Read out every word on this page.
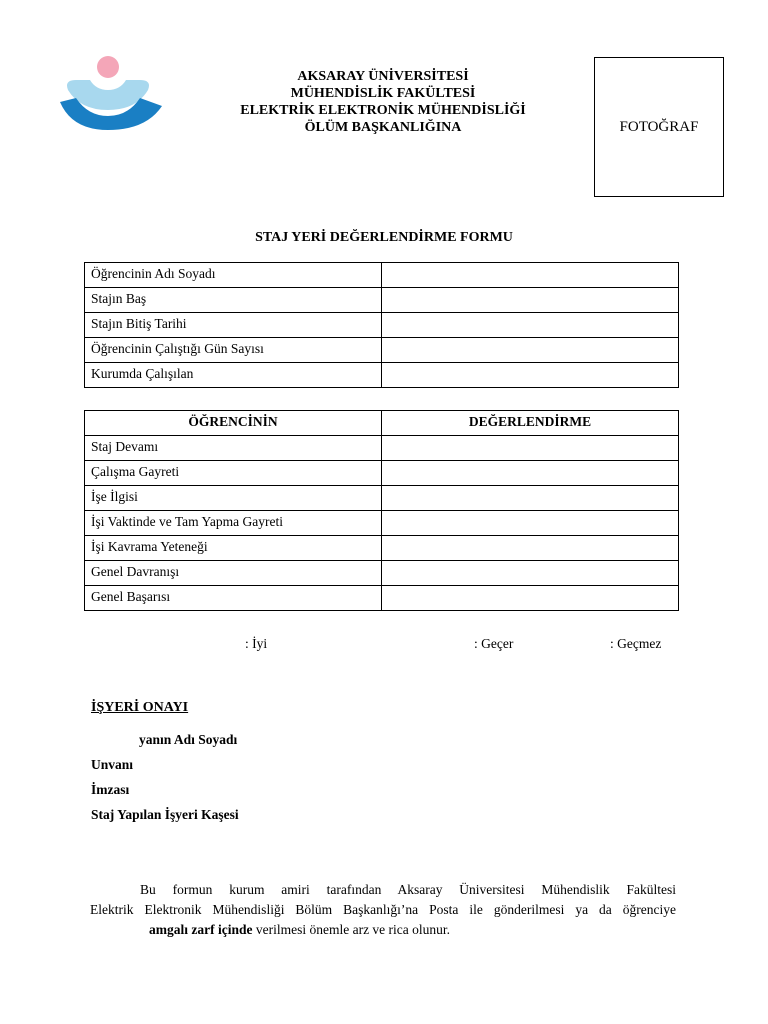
AKSARAY ÜNİVERSİTESİ
MÜHENDİSLİK FAKÜLTESİ
ELEKTRİK ELEKTRONİK MÜHENDİSLİĞİ
ÖLÜM BAŞKANLIĞINA	FOTOĞRAF
STAJ YERİ DEĞERLENDİRME FORMU
Öğrencinin Adı Soyadı	
Stajın Baş	
Stajın Bitiş Tarihi	
Öğrencinin Çalıştığı Gün Sayısı	
Kurumda Çalışılan	
ÖĞRENCİNİN	DEĞERLENDİRME
Staj Devamı	
Çalışma Gayreti	
İşe İlgisi	
İşi Vaktinde ve Tam Yapma Gayreti	
İşi Kavrama Yeteneği	
Genel Davranışı	
Genel Başarısı	
: İyi	: Geçer	: Geçmez
İŞYERİ ONAYI
yanın Adı Soyadı
Unvanı
İmzası
Staj Yapılan İşyeri Kaşesi

Bu formun kurum amiri tarafından Aksaray Üniversitesi Mühendislik Fakültesi

Elektrik Elektronik Mühendisliği Bölüm Başkanlığı’na Posta ile gönderilmesi ya da öğrenciye

amgalı zarf içinde verilmesi önemle arz ve rica olunur.
